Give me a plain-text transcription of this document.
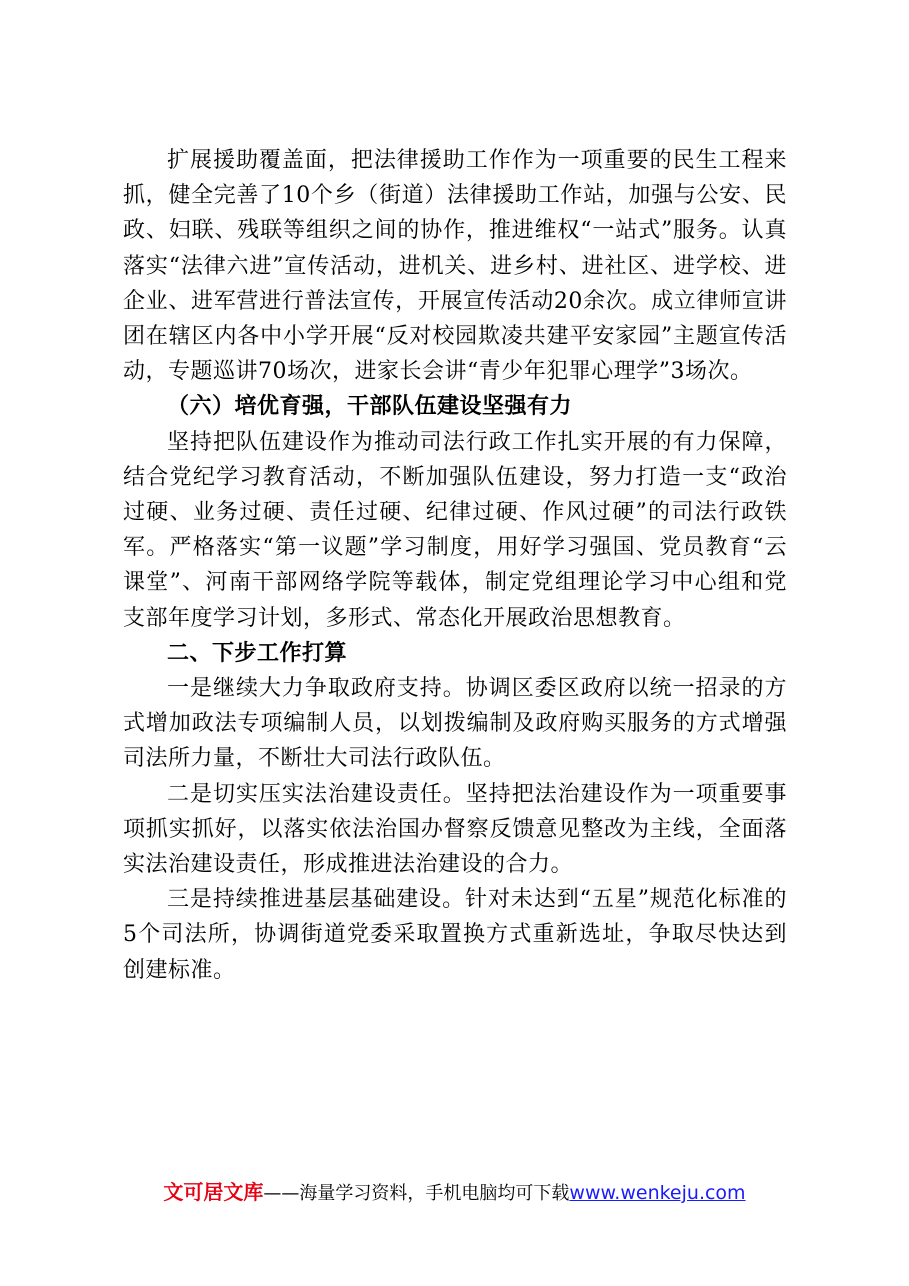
扩展援助覆盖面，把法律援助工作作为一项重要的民生工程来抓，健全完善了10个乡（街道）法律援助工作站，加强与公安、民政、妇联、残联等组织之间的协作，推进维权“一站式”服务。认真落实“法律六进”宣传活动，进机关、进乡村、进社区、进学校、进企业、进军营进行普法宣传，开展宣传活动20余次。成立律师宣讲团在辖区内各中小学开展“反对校园欺凌共建平安家园”主题宣传活动，专题巡讲70场次，进家长会讲“青少年犯罪心理学”3场次。

（六）培优育强，干部队伍建设坚强有力

坚持把队伍建设作为推动司法行政工作扎实开展的有力保障，结合党纪学习教育活动，不断加强队伍建设，努力打造一支“政治过硬、业务过硬、责任过硬、纪律过硬、作风过硬”的司法行政铁军。严格落实“第一议题”学习制度，用好学习强国、党员教育“云课堂”、河南干部网络学院等载体，制定党组理论学习中心组和党支部年度学习计划，多形式、常态化开展政治思想教育。

二、下步工作打算

一是继续大力争取政府支持。协调区委区政府以统一招录的方式增加政法专项编制人员，以划拨编制及政府购买服务的方式增强司法所力量，不断壮大司法行政队伍。

二是切实压实法治建设责任。坚持把法治建设作为一项重要事项抓实抓好，以落实依法治国办督察反馈意见整改为主线，全面落实法治建设责任，形成推进法治建设的合力。

三是持续推进基层基础建设。针对未达到“五星”规范化标准的5个司法所，协调街道党委采取置换方式重新选址，争取尽快达到创建标准。

文可居文库——海量学习资料，手机电脑均可下载www.wenkeju.com
